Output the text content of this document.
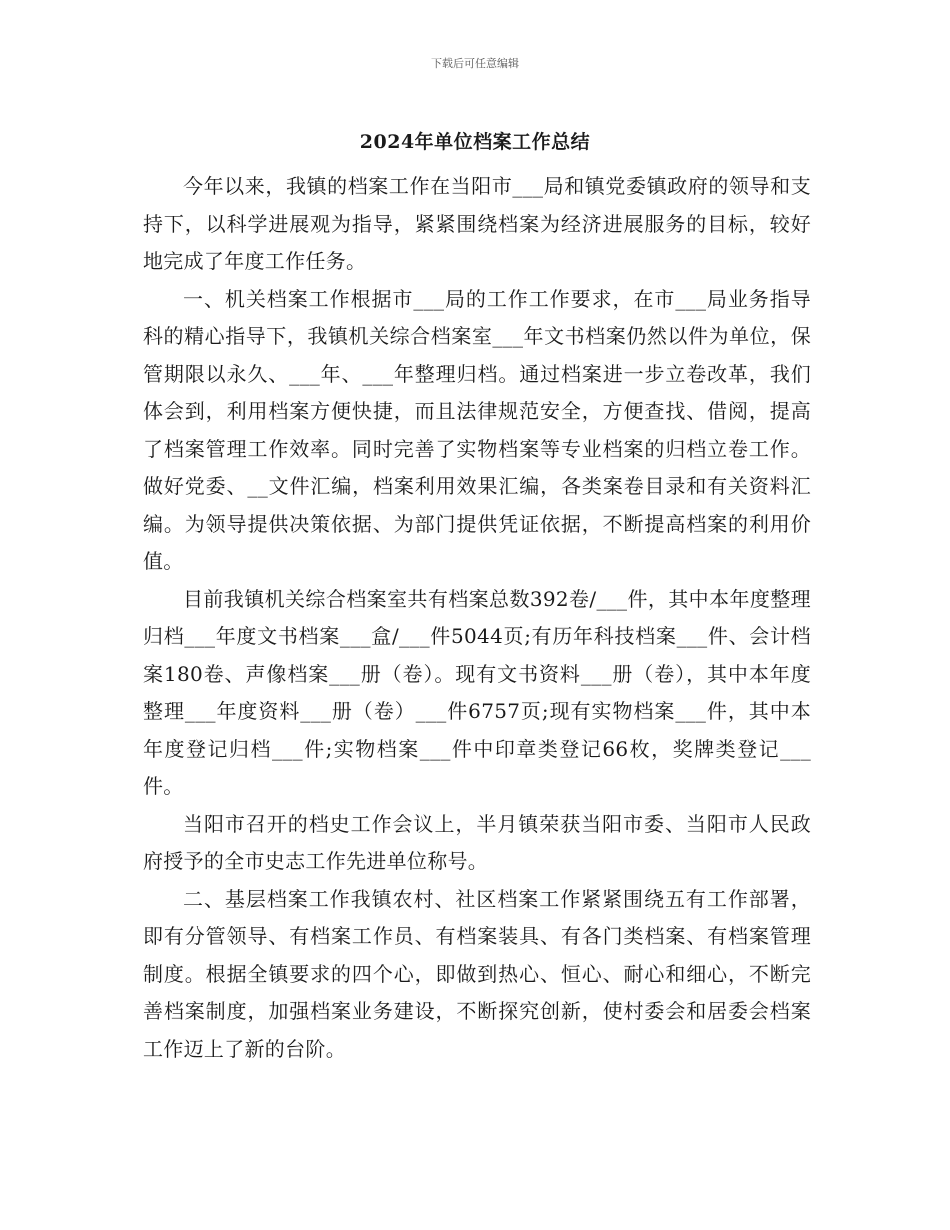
下载后可任意编辑
2024年单位档案工作总结

今年以来，我镇的档案工作在当阳市___局和镇党委镇政府的领导和支持下，以科学进展观为指导，紧紧围绕档案为经济进展服务的目标，较好地完成了年度工作任务。

一、机关档案工作根据市___局的工作工作要求，在市___局业务指导科的精心指导下，我镇机关综合档案室___年文书档案仍然以件为单位，保管期限以永久、___年、___年整理归档。通过档案进一步立卷改革，我们体会到，利用档案方便快捷，而且法律规范安全，方便查找、借阅，提高了档案管理工作效率。同时完善了实物档案等专业档案的归档立卷工作。做好党委、__文件汇编，档案利用效果汇编，各类案卷目录和有关资料汇编。为领导提供决策依据、为部门提供凭证依据，不断提高档案的利用价值。

目前我镇机关综合档案室共有档案总数392卷/___件，其中本年度整理归档___年度文书档案___盒/___件5044页;有历年科技档案___件、会计档案180卷、声像档案___册（卷）。现有文书资料___册（卷），其中本年度整理___年度资料___册（卷）___件6757页;现有实物档案___件，其中本年度登记归档___件;实物档案___件中印章类登记66枚，奖牌类登记___件。

当阳市召开的档史工作会议上，半月镇荣获当阳市委、当阳市人民政府授予的全市史志工作先进单位称号。

二、基层档案工作我镇农村、社区档案工作紧紧围绕五有工作部署，即有分管领导、有档案工作员、有档案装具、有各门类档案、有档案管理制度。根据全镇要求的四个心，即做到热心、恒心、耐心和细心，不断完善档案制度，加强档案业务建设，不断探究创新，使村委会和居委会档案工作迈上了新的台阶。
